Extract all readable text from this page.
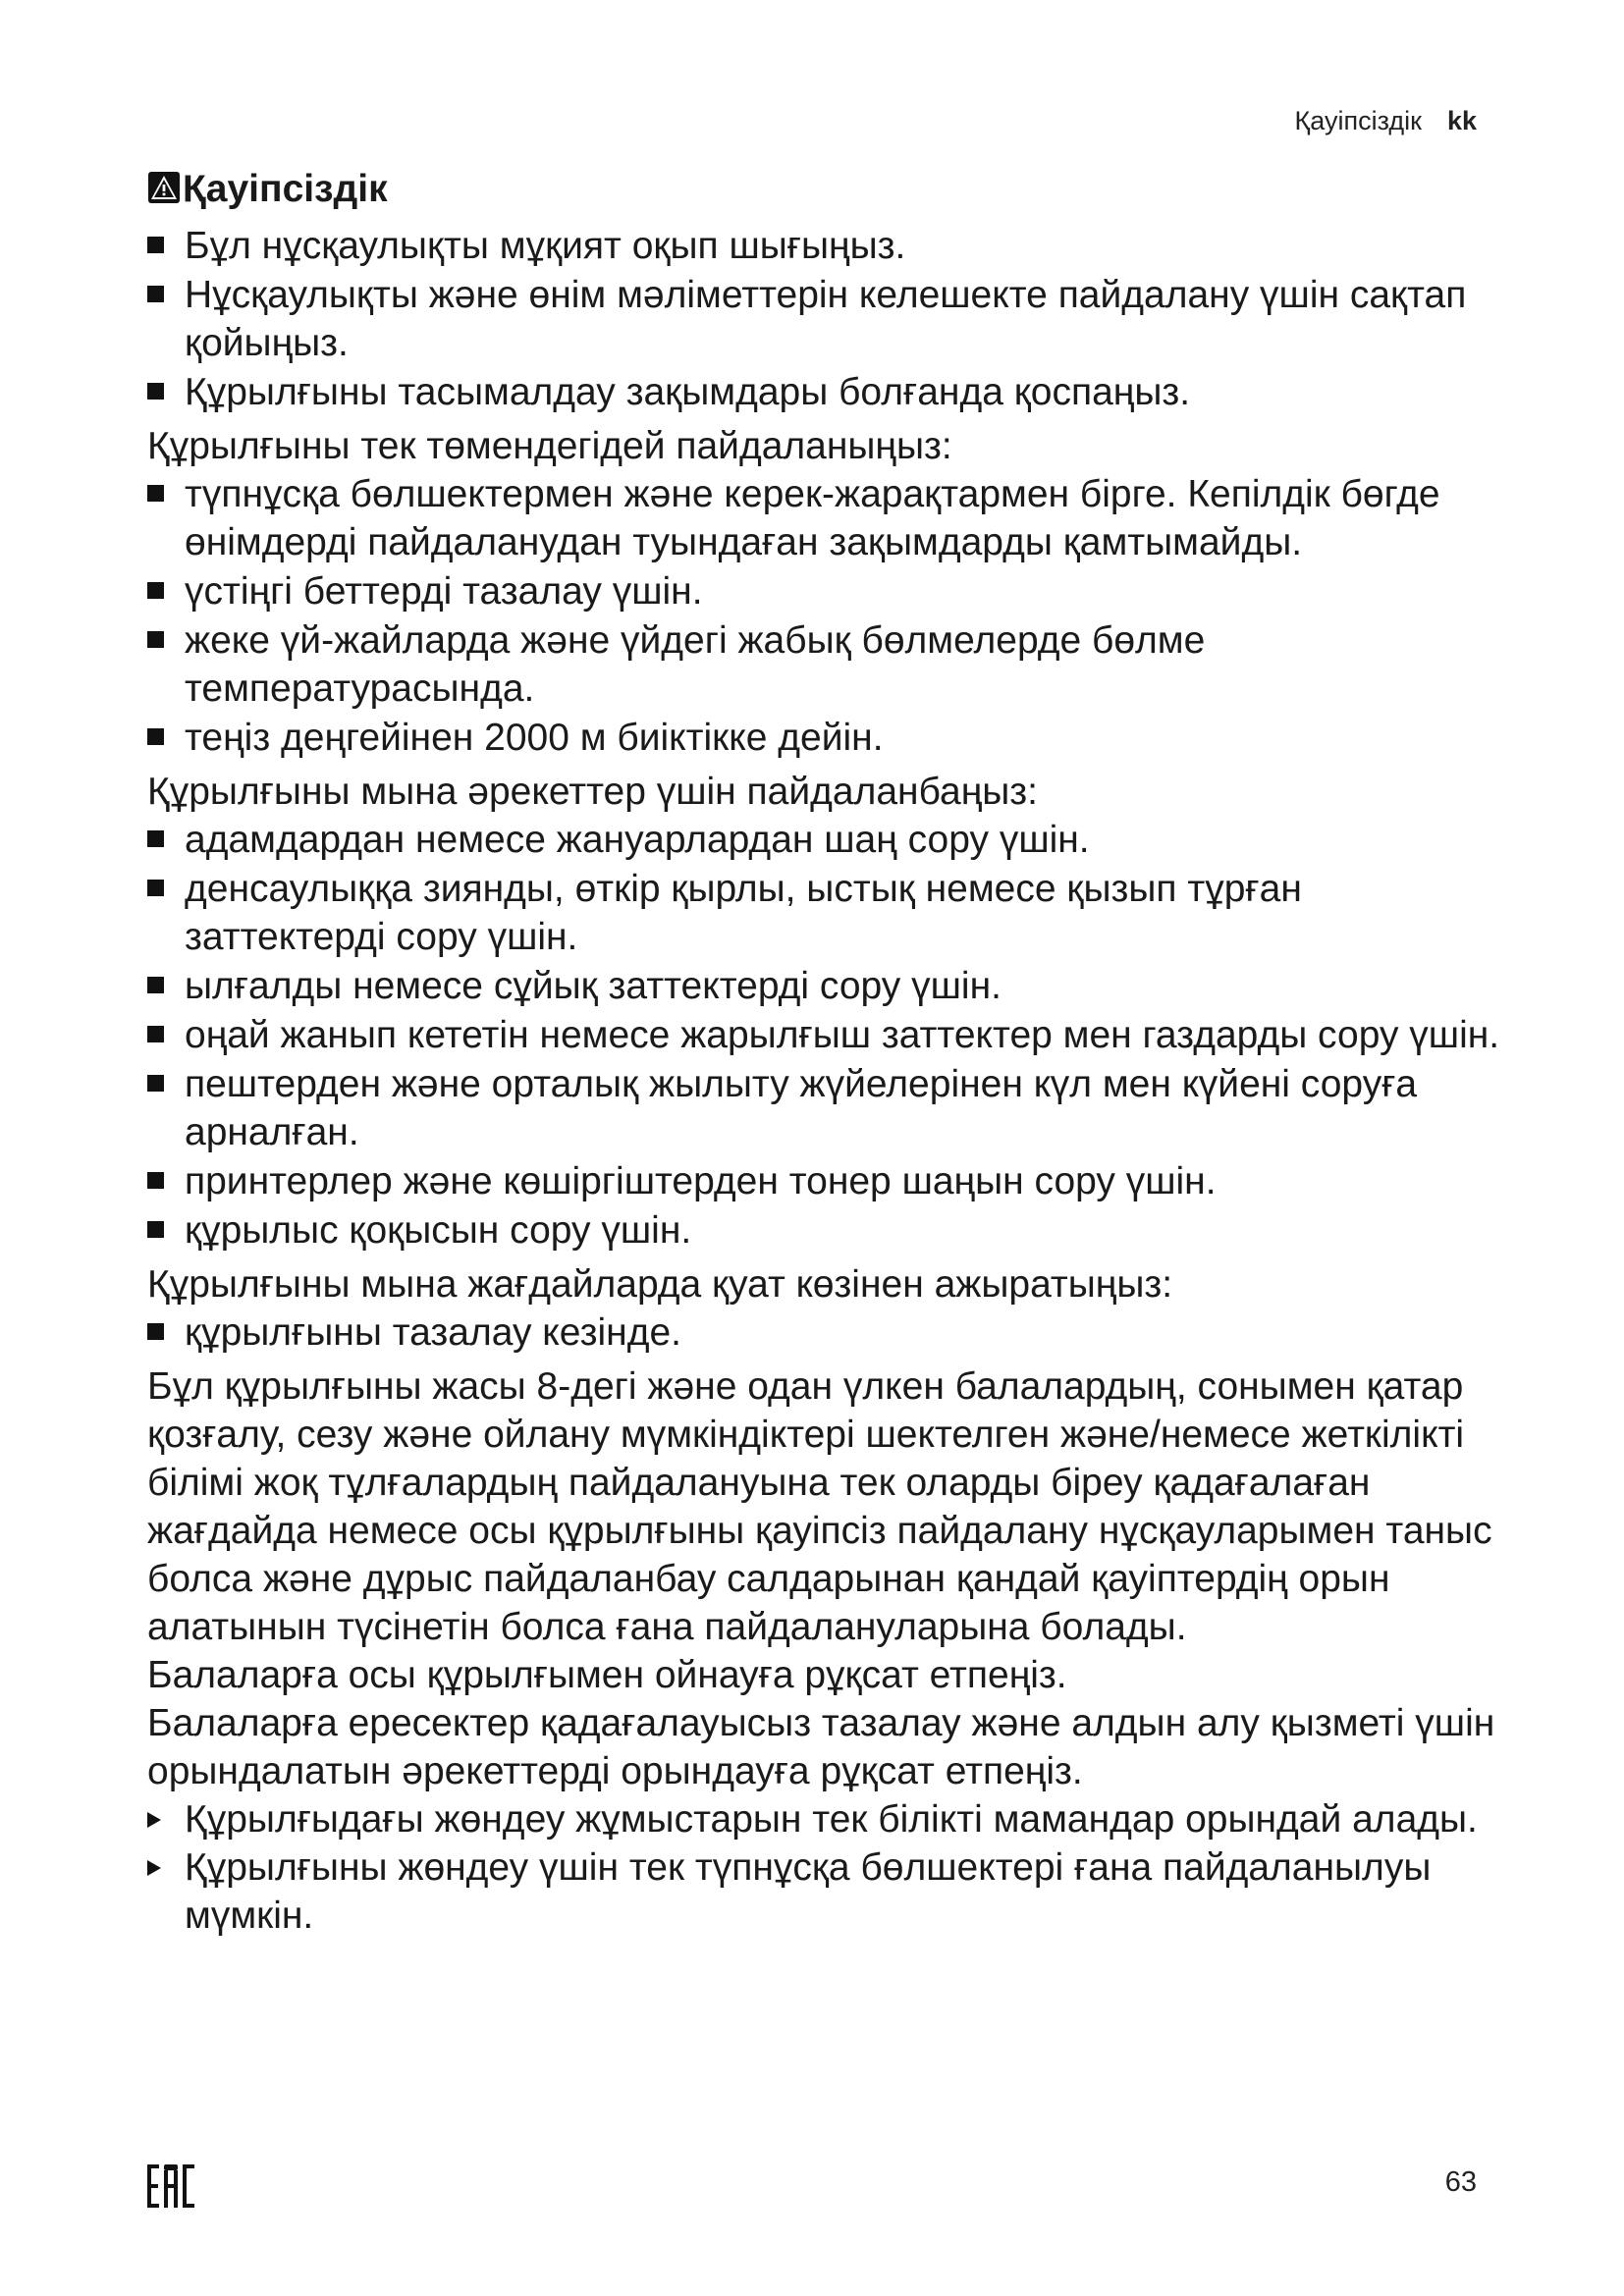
Қауіпсіздік kk
Қауіпсіздік
Бұл нұсқаулықты мұқият оқып шығыңыз.
Нұсқаулықты және өнім мәліметтерін келешекте пайдалану үшін сақтап қойыңыз.
Құрылғыны тасымалдау зақымдары болғанда қоспаңыз.

Құрылғыны тек төмендегідей пайдаланыңыз:

түпнұсқа бөлшектермен және керек-жарақтармен бірге. Кепілдік бөгде өнімдерді пайдаланудан туындаған зақымдарды қамтымайды.
үстіңгі беттерді тазалау үшін.
жеке үй-жайларда және үйдегі жабық бөлмелерде бөлме температурасында.
теңіз деңгейінен 2000 м биіктікке дейін.

Құрылғыны мына әрекеттер үшін пайдаланбаңыз:

адамдардан немесе жануарлардан шаң сору үшін.
денсаулыққа зиянды, өткір қырлы, ыстық немесе қызып тұрған заттектерді сору үшін.
ылғалды немесе сұйық заттектерді сору үшін.
оңай жанып кететін немесе жарылғыш заттектер мен газдарды сору үшін.
пештерден және орталық жылыту жүйелерінен күл мен күйені соруға арналған.
принтерлер және көшіргіштерден тонер шаңын сору үшін.
құрылыс қоқысын сору үшін.

Құрылғыны мына жағдайларда қуат көзінен ажыратыңыз:

құрылғыны тазалау кезінде.

Бұл құрылғыны жасы 8-дегі және одан үлкен балалардың, сонымен қатар қозғалу, сезу және ойлану мүмкіндіктері шектелген және/немесе жеткілікті білімі жоқ тұлғалардың пайдалануына тек оларды біреу қадағалаған жағдайда немесе осы құрылғыны қауіпсіз пайдалану нұсқауларымен таныс болса және дұрыс пайдаланбау салдарынан қандай қауіптердің орын алатынын түсінетін болса ғана пайдалануларына болады.

Балаларға осы құрылғымен ойнауға рұқсат етпеңіз.

Балаларға ересектер қадағалауысыз тазалау және алдын алу қызметі үшін орындалатын әрекеттерді орындауға рұқсат етпеңіз.

Құрылғыдағы жөндеу жұмыстарын тек білікті мамандар орындай алады.
Құрылғыны жөндеу үшін тек түпнұсқа бөлшектері ғана пайдаланылуы мүмкін.
63
